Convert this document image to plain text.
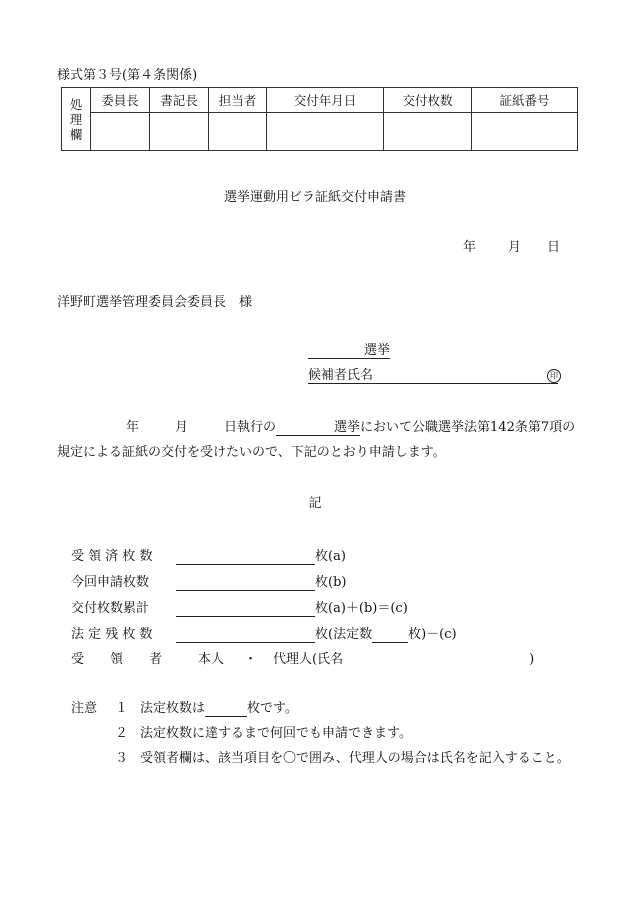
様式第３号(第４条関係)
処理欄	委員長	書記長	担当者	交付年月日	交付枚数	証紙番号

選挙運動用ビラ証紙交付申請書
年 月 日
洋野町選挙管理委員会委員長　様
選挙
候補者氏名	印
年	月	日執行の	選挙において公職選挙法第142条第7項の
規定による証紙の交付を受けたいので、下記のとおり申請します。
記
受 領 済 枚 数	枚(a)
今回申請枚数	枚(b)
交付枚数累計	枚(a)＋(b)＝(c)
法 定 残 枚 数	枚(法定数	枚)－(c)
受　　領　　者	本人 ・ 代理人(氏名	)
注意 １ 法定枚数は	枚です。
２ 法定枚数に達するまで何回でも申請できます。
３ 受領者欄は、該当項目を〇で囲み、代理人の場合は氏名を記入すること。
